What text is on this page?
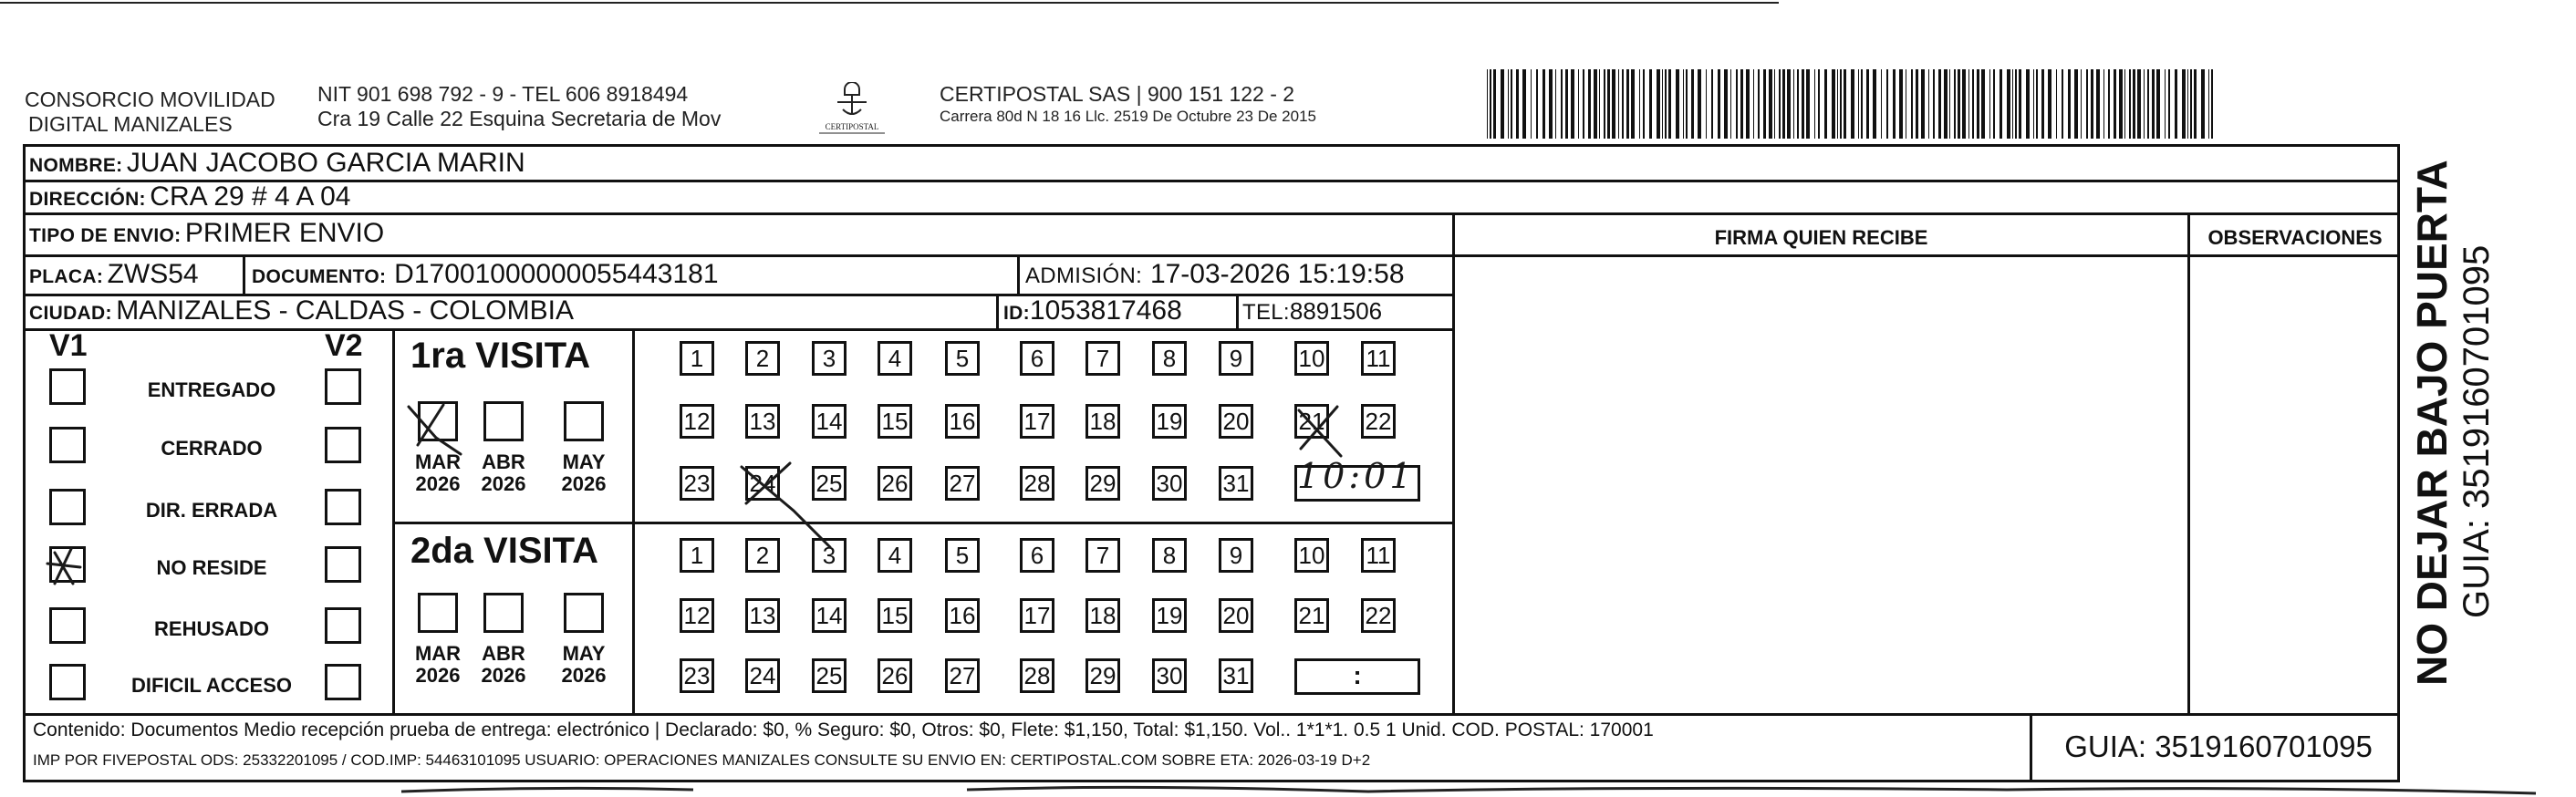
CONSORCIO MOVILIDAD
DIGITAL MANIZALES
NIT 901 698 792 - 9 - TEL 606 8918494
Cra 19 Calle 22 Esquina Secretaria de Mov	CERTIPOSTAL
CERTIPOSTAL SAS | 900 151 122 - 2
Carrera 80d N 18 16 Llc. 2519 De Octubre 23 De 2015
NOMBRE: JUAN JACOBO GARCIA MARIN
DIRECCIÓN: CRA 29 # 4 A 04
TIPO DE ENVIO: PRIMER ENVIO
PLACA: ZWS54	DOCUMENTO: D17001000000055443181	ADMISIÓN: 17-03-2026 15:19:58
CIUDAD: MANIZALES - CALDAS - COLOMBIA	ID:1053817468	TEL:8891506
FIRMA QUIEN RECIBE	OBSERVACIONES
V1	V2
ENTREGADO
CERRADO
DIR. ERRADA
NO RESIDE
REHUSADO
DIFICIL ACCESO
1ra VISITA
2da VISITA
MAR
2026
ABR
2026
MAY
2026
MAR
2026
ABR
2026
MAY
2026
1	2	3	4	5	6	7	8	9	10 11
12 13 14 15 16 17 18 19 20 21 22
23 24 25 26 27 28 29 30 31
1	2	3	4	5	6	7	8	9	10 11
12 13 14 15 16 17 18 19 20 21 22
23 24 25 26 27 28 29 30 31
10:01
:
Contenido: Documentos Medio recepción prueba de entrega: electrónico | Declarado: $0, % Seguro: $0, Otros: $0, Flete: $1,150, Total: $1,150. Vol.. 1*1*1. 0.5 1 Unid. COD. POSTAL: 170001
IMP POR FIVEPOSTAL ODS: 25332201095 / COD.IMP: 54463101095 USUARIO: OPERACIONES MANIZALES CONSULTE SU ENVIO EN: CERTIPOSTAL.COM SOBRE ETA: 2026-03-19 D+2	GUIA: 3519160701095
NO DEJAR BAJO PUERTA GUIA: 3519160701095
